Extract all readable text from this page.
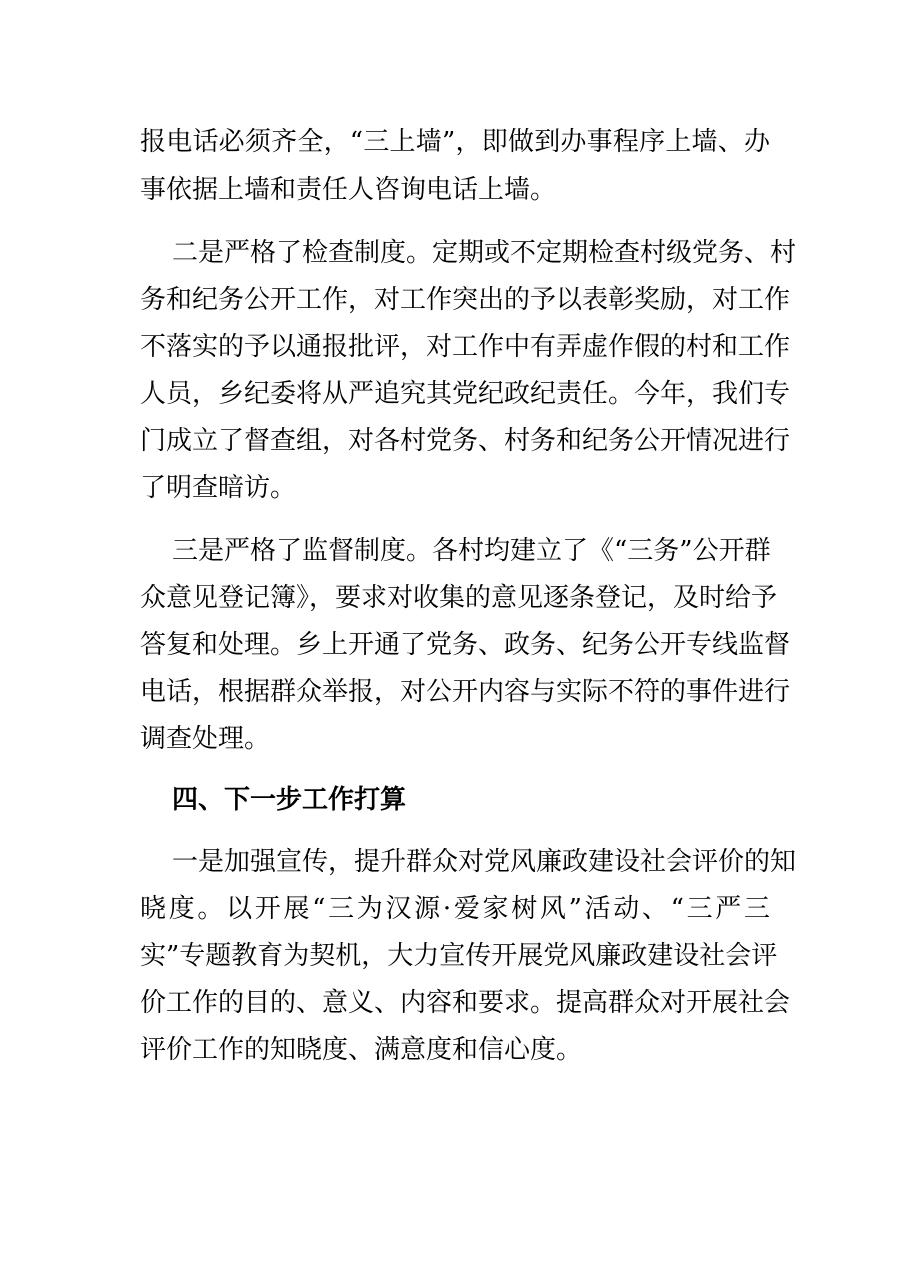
报电话必须齐全，“三上墙”，即做到办事程序上墙、办
事依据上墙和责任人咨询电话上墙。
二是严格了检查制度。定期或不定期检查村级党务、村
务和纪务公开工作，对工作突出的予以表彰奖励，对工作
不落实的予以通报批评，对工作中有弄虚作假的村和工作
人员，乡纪委将从严追究其党纪政纪责任。今年，我们专
门成立了督查组，对各村党务、村务和纪务公开情况进行
了明查暗访。
三是严格了监督制度。各村均建立了《“三务”公开群
众意见登记簿》，要求对收集的意见逐条登记，及时给予
答复和处理。乡上开通了党务、政务、纪务公开专线监督
电话，根据群众举报，对公开内容与实际不符的事件进行
调查处理。
四、下一步工作打算
一是加强宣传，提升群众对党风廉政建设社会评价的知
晓度。以开展“三为汉源·爱家树风”活动、“三严三
实”专题教育为契机，大力宣传开展党风廉政建设社会评
价工作的目的、意义、内容和要求。提高群众对开展社会
评价工作的知晓度、满意度和信心度。
